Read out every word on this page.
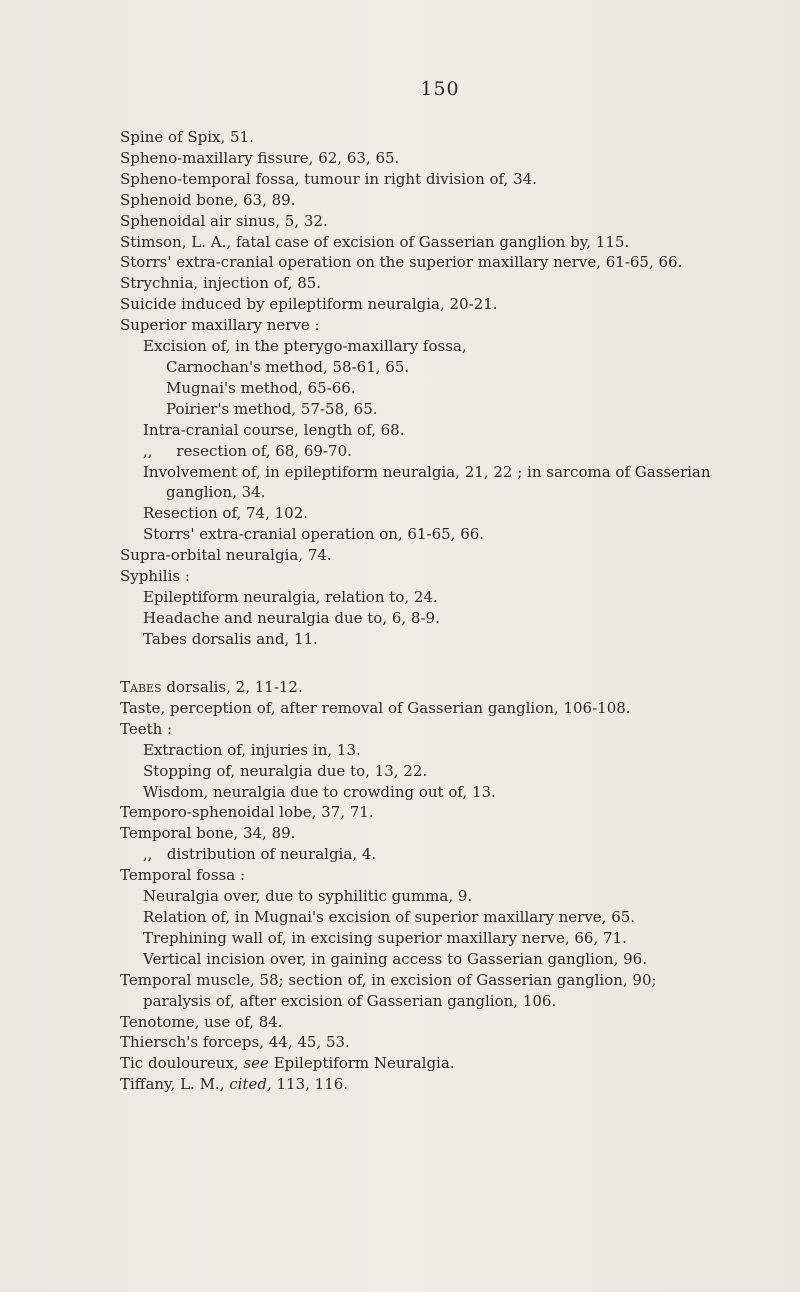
150
Spine of Spix, 51.
Spheno-maxillary fissure, 62, 63, 65.
Spheno-temporal fossa, tumour in right division of, 34.
Sphenoid bone, 63, 89.
Sphenoidal air sinus, 5, 32.
Stimson, L. A., fatal case of excision of Gasserian ganglion by, 115.
Storrs' extra-cranial operation on the superior maxillary nerve, 61-65, 66.
Strychnia, injection of, 85.
Suicide induced by epileptiform neuralgia, 20-21.
Superior maxillary nerve :
Excision of, in the pterygo-maxillary fossa,
Carnochan's method, 58-61, 65.
Mugnai's method, 65-66.
Poirier's method, 57-58, 65.
Intra-cranial course, length of, 68.
,,     resection of, 68, 69-70.
Involvement of, in epileptiform neuralgia, 21, 22 ; in sarcoma of Gasserian
ganglion, 34.
Resection of, 74, 102.
Storrs' extra-cranial operation on, 61-65, 66.
Supra-orbital neuralgia, 74.
Syphilis :
Epileptiform neuralgia, relation to, 24.
Headache and neuralgia due to, 6, 8-9.
Tabes dorsalis and, 11.
Tabes dorsalis, 2, 11-12.
Taste, perception of, after removal of Gasserian ganglion, 106-108.
Teeth :
Extraction of, injuries in, 13.
Stopping of, neuralgia due to, 13, 22.
Wisdom, neuralgia due to crowding out of, 13.
Temporo-sphenoidal lobe, 37, 71.
Temporal bone, 34, 89.
,,   distribution of neuralgia, 4.
Temporal fossa :
Neuralgia over, due to syphilitic gumma, 9.
Relation of, in Mugnai's excision of superior maxillary nerve, 65.
Trephining wall of, in excising superior maxillary nerve, 66, 71.
Vertical incision over, in gaining access to Gasserian ganglion, 96.
Temporal muscle, 58; section of, in excision of Gasserian ganglion, 90;
paralysis of, after excision of Gasserian ganglion, 106.
Tenotome, use of, 84.
Thiersch's forceps, 44, 45, 53.
Tic douloureux, see Epileptiform Neuralgia.
Tiffany, L. M., cited, 113, 116.
